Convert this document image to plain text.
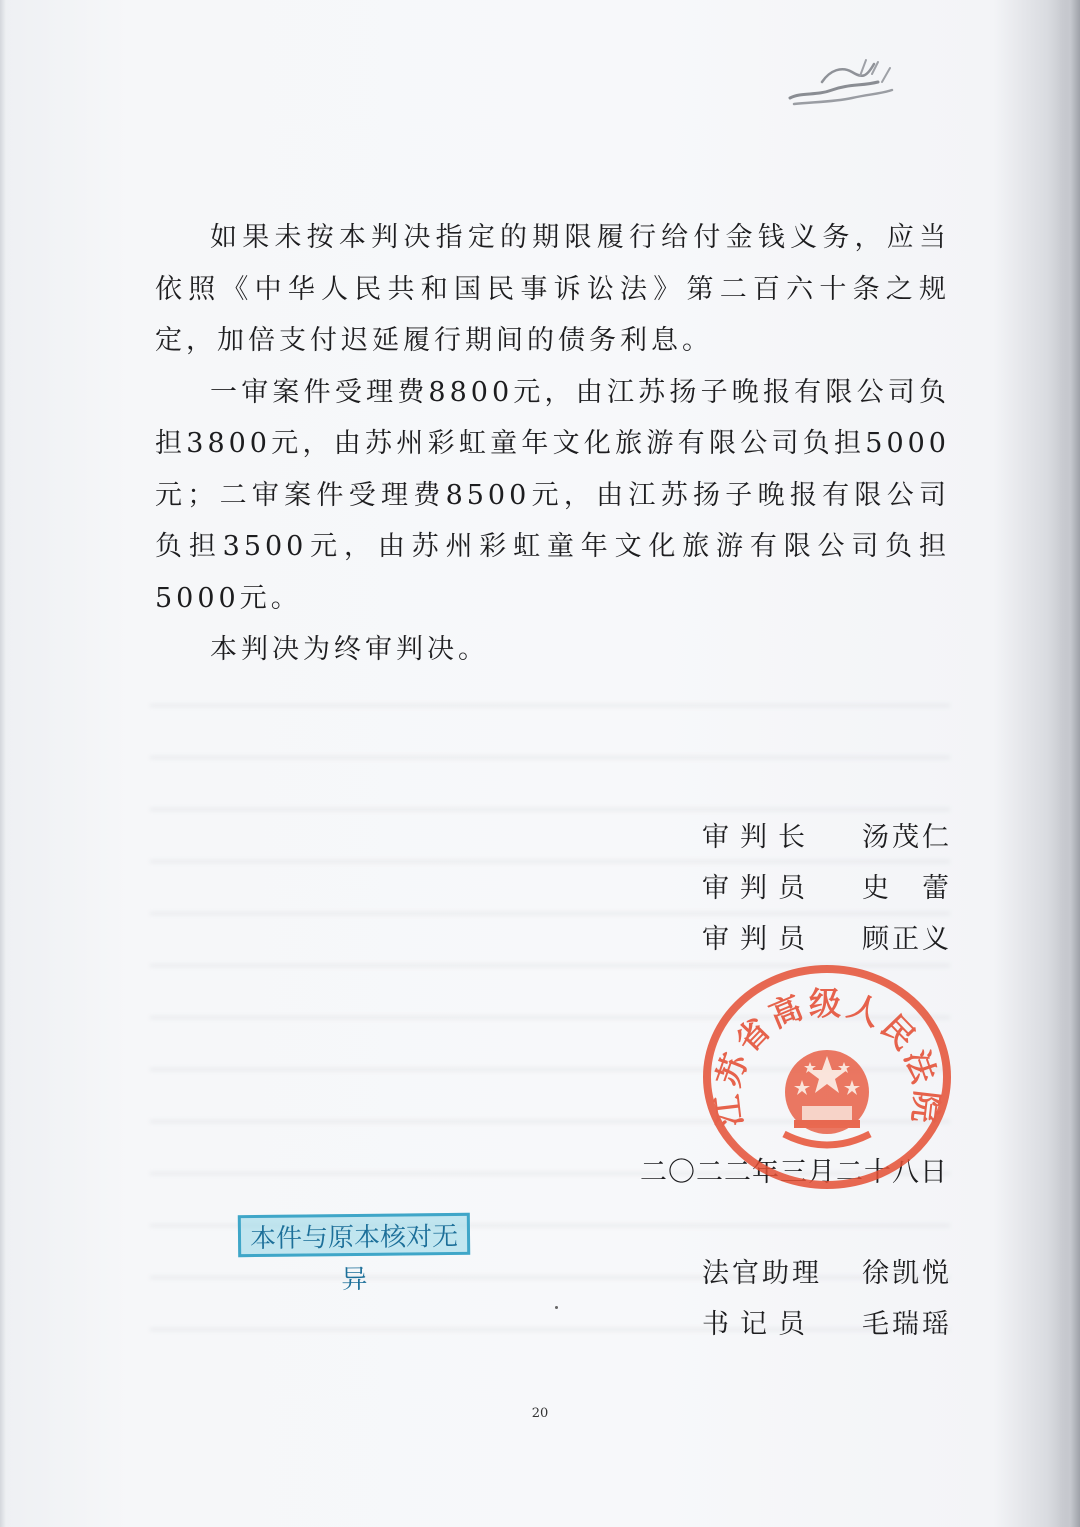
如果未按本判决指定的期限履行给付金钱义务，应当依照《中华人民共和国民事诉讼法》第二百六十条之规定，加倍支付迟延履行期间的债务利息。

一审案件受理费8800元，由江苏扬子晚报有限公司负担3800元，由苏州彩虹童年文化旅游有限公司负担5000元；二审案件受理费8500元，由江苏扬子晚报有限公司负担3500元，由苏州彩虹童年文化旅游有限公司负担5000元。

本判决为终审判决。

审判长 汤茂仁
审判员 史　蕾
审判员 顾正义
二〇二二年三月二十八日
江苏省高级人民法院
本件与原本核对无异	法官助理 徐凯悦
书记员 毛瑞瑶
20
